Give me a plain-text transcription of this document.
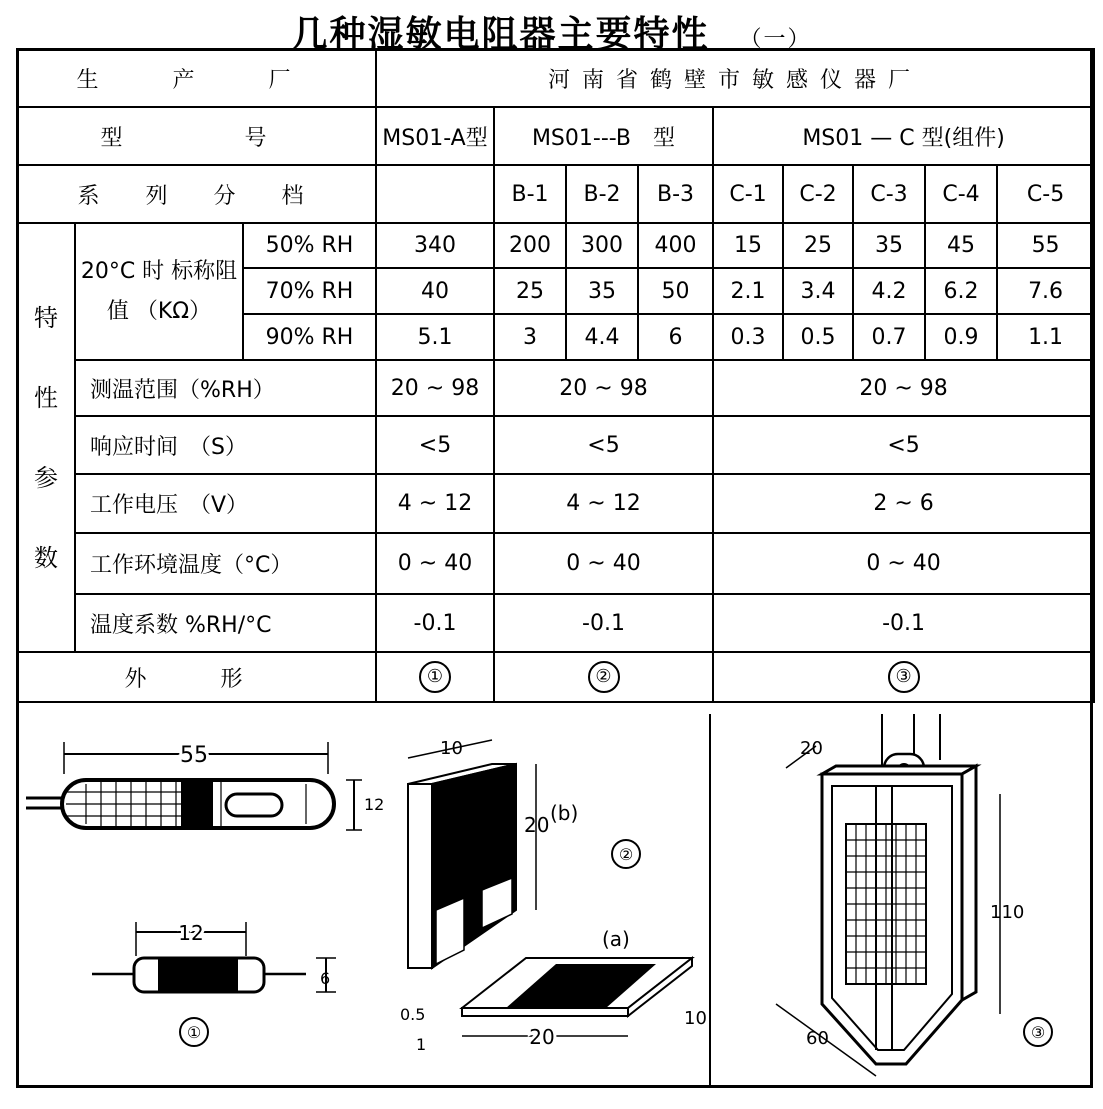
几种湿敏电阻器主要特性 （一）
生　产　厂			河南省鹤壁市敏感仪器厂								
型　　号			MS01-A型	MS01---B　型			MS01 — C 型(组件)				
系　列　分　档				B-1	B-2	B-3	C-1	C-2	C-3	C-4	C-5

特
性
参
数	20°C 时 标称阻值 （KΩ）	50% RH	340	200	300	400	15	25	35	45	55
		70% RH	40	25	35	50	2.1	3.4	4.2	6.2	7.6
		90% RH	5.1	3	4.4	6	0.3	0.5	0.7	0.9	1.1
	测温范围（%RH）		20 ~ 98	20 ~ 98			20 ~ 98				
	响应时间　（S）		<5	<5			<5				
	工作电压　（V）		4 ~ 12	4 ~ 12			2 ~ 6				
	工作环境温度（°C）		0 ~ 40	0 ~ 40			0 ~ 40				
	温度系数 %RH/°C		-0.1	-0.1			-0.1				
外　形			①	②			③				
55
12
12
6
①
10
20 (b)
②
(a)
0.5
1	20
10
20
110
60	③
